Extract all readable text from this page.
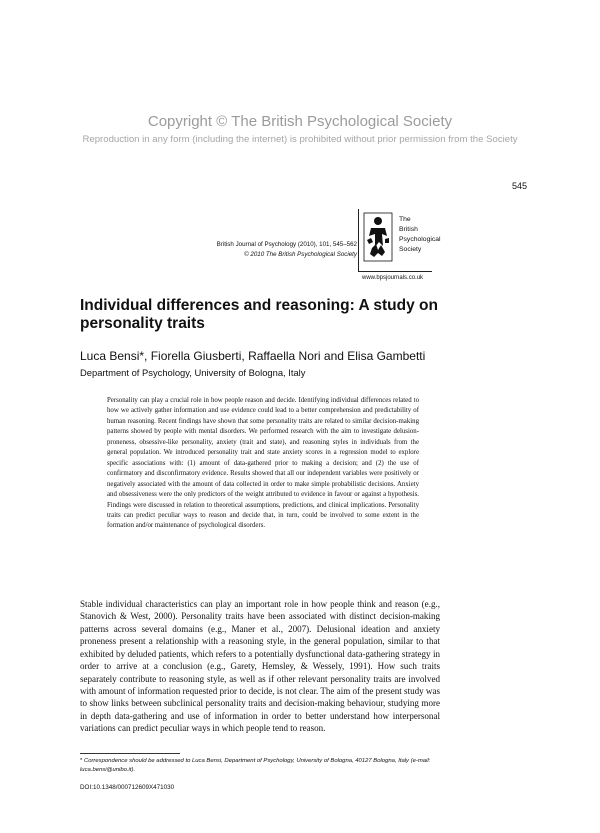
Copyright © The British Psychological Society
Reproduction in any form (including the internet) is prohibited without prior permission from the Society
545
British Journal of Psychology (2010), 101, 545–562
© 2010 The British Psychological Society
The
British
Psychological
Society
www.bpsjournals.co.uk
Individual differences and reasoning: A study on personality traits
Luca Bensi*, Fiorella Giusberti, Raffaella Nori and Elisa Gambetti
Department of Psychology, University of Bologna, Italy
Personality can play a crucial role in how people reason and decide. Identifying individual differences related to how we actively gather information and use evidence could lead to a better comprehension and predictability of human reasoning. Recent findings have shown that some personality traits are related to similar decision-making patterns showed by people with mental disorders. We performed research with the aim to investigate delusion-proneness, obsessive-like personality, anxiety (trait and state), and reasoning styles in individuals from the general population. We introduced personality trait and state anxiety scores in a regression model to explore specific associations with: (1) amount of data-gathered prior to making a decision; and (2) the use of confirmatory and disconfirmatory evidence. Results showed that all our independent variables were positively or negatively associated with the amount of data collected in order to make simple probabilistic decisions. Anxiety and obsessiveness were the only predictors of the weight attributed to evidence in favour or against a hypothesis. Findings were discussed in relation to theoretical assumptions, predictions, and clinical implications. Personality traits can predict peculiar ways to reason and decide that, in turn, could be involved to some extent in the formation and/or maintenance of psychological disorders.
Stable individual characteristics can play an important role in how people think and reason (e.g., Stanovich & West, 2000). Personality traits have been associated with distinct decision-making patterns across several domains (e.g., Maner et al., 2007). Delusional ideation and anxiety proneness present a relationship with a reasoning style, in the general population, similar to that exhibited by deluded patients, which refers to a potentially dysfunctional data-gathering strategy in order to arrive at a conclusion (e.g., Garety, Hemsley, & Wessely, 1991). How such traits separately contribute to reasoning style, as well as if other relevant personality traits are involved with amount of information requested prior to decide, is not clear. The aim of the present study was to show links between subclinical personality traits and decision-making behaviour, studying more in depth data-gathering and use of information in order to better understand how interpersonal variations can predict peculiar ways in which people tend to reason.
* Correspondence should be addressed to Luca Bensi, Department of Psychology, University of Bologna, 40127 Bologna, Italy (e-mail: luca.bensi@unibo.it).
DOI:10.1348/000712609X471030
